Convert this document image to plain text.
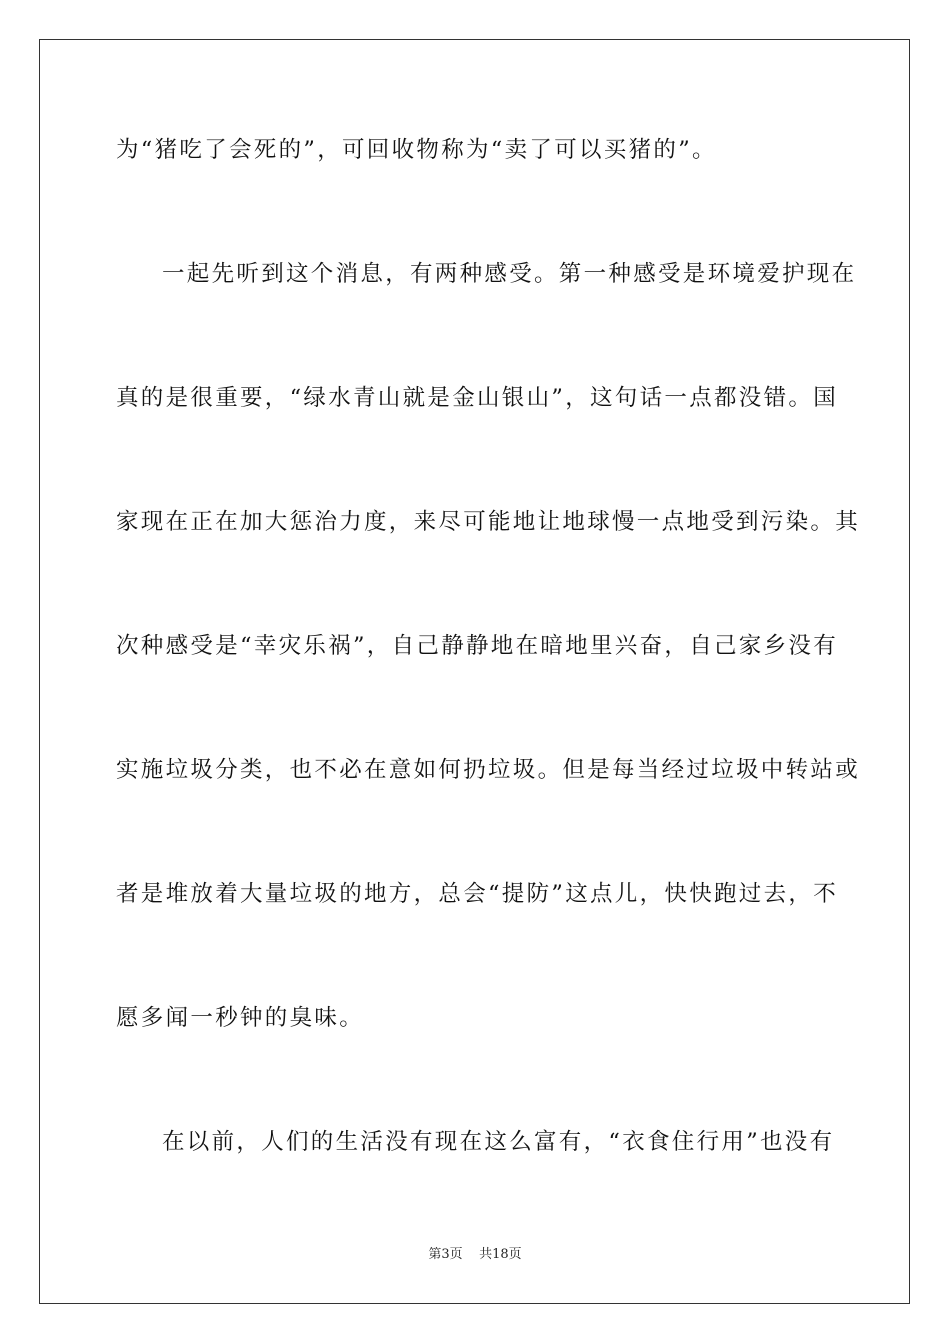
为“猪吃了会死的”，可回收物称为“卖了可以买猪的”。

一起先听到这个消息，有两种感受。第一种感受是环境爱护现在

真的是很重要，“绿水青山就是金山银山”，这句话一点都没错。国

家现在正在加大惩治力度，来尽可能地让地球慢一点地受到污染。其

次种感受是“幸灾乐祸”，自己静静地在暗地里兴奋，自己家乡没有

实施垃圾分类，也不必在意如何扔垃圾。但是每当经过垃圾中转站或

者是堆放着大量垃圾的地方，总会“提防”这点儿，快快跑过去，不

愿多闻一秒钟的臭味。

在以前，人们的生活没有现在这么富有，“衣食住行用”也没有

第3页 共18页
